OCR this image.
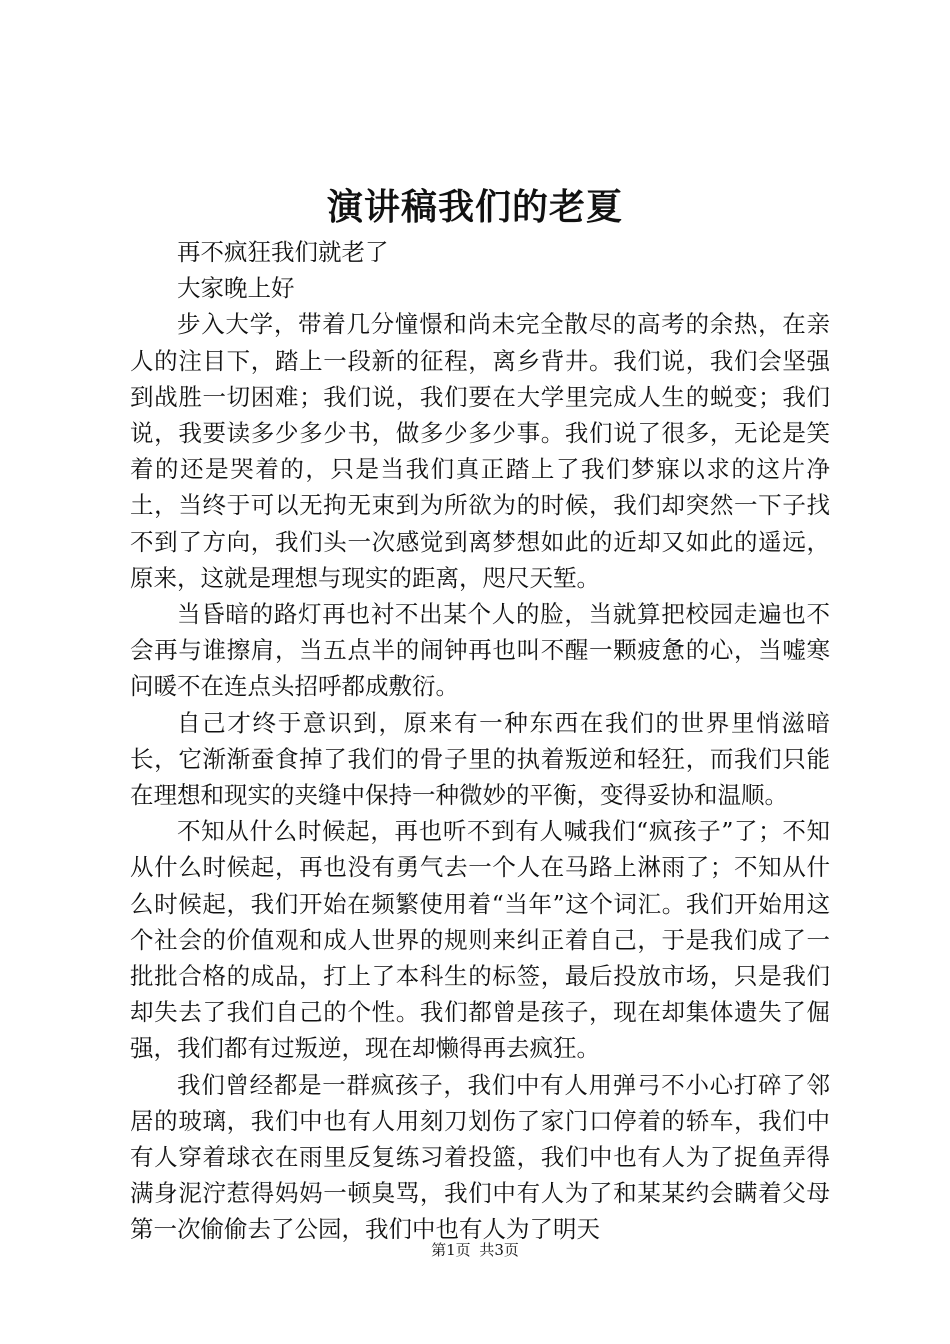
演讲稿我们的老夏

再不疯狂我们就老了

大家晚上好

步入大学，带着几分憧憬和尚未完全散尽的高考的余热，在亲人的注目下，踏上一段新的征程，离乡背井。我们说，我们会坚强到战胜一切困难；我们说，我们要在大学里完成人生的蜕变；我们说，我要读多少多少书，做多少多少事。我们说了很多，无论是笑着的还是哭着的，只是当我们真正踏上了我们梦寐以求的这片净土，当终于可以无拘无束到为所欲为的时候，我们却突然一下子找不到了方向，我们头一次感觉到离梦想如此的近却又如此的遥远，原来，这就是理想与现实的距离，咫尺天堑。

当昏暗的路灯再也衬不出某个人的脸，当就算把校园走遍也不会再与谁擦肩，当五点半的闹钟再也叫不醒一颗疲惫的心，当嘘寒问暖不在连点头招呼都成敷衍。

自己才终于意识到，原来有一种东西在我们的世界里悄滋暗长，它渐渐蚕食掉了我们的骨子里的执着叛逆和轻狂，而我们只能在理想和现实的夹缝中保持一种微妙的平衡，变得妥协和温顺。

不知从什么时候起，再也听不到有人喊我们“疯孩子”了；不知从什么时候起，再也没有勇气去一个人在马路上淋雨了；不知从什么时候起，我们开始在频繁使用着“当年”这个词汇。我们开始用这个社会的价值观和成人世界的规则来纠正着自己，于是我们成了一批批合格的成品，打上了本科生的标签，最后投放市场，只是我们却失去了我们自己的个性。我们都曾是孩子，现在却集体遗失了倔强，我们都有过叛逆，现在却懒得再去疯狂。

我们曾经都是一群疯孩子，我们中有人用弹弓不小心打碎了邻居的玻璃，我们中也有人用刻刀划伤了家门口停着的轿车，我们中有人穿着球衣在雨里反复练习着投篮，我们中也有人为了捉鱼弄得满身泥泞惹得妈妈一顿臭骂，我们中有人为了和某某约会瞒着父母第一次偷偷去了公园，我们中也有人为了明天

第1页 共3页
